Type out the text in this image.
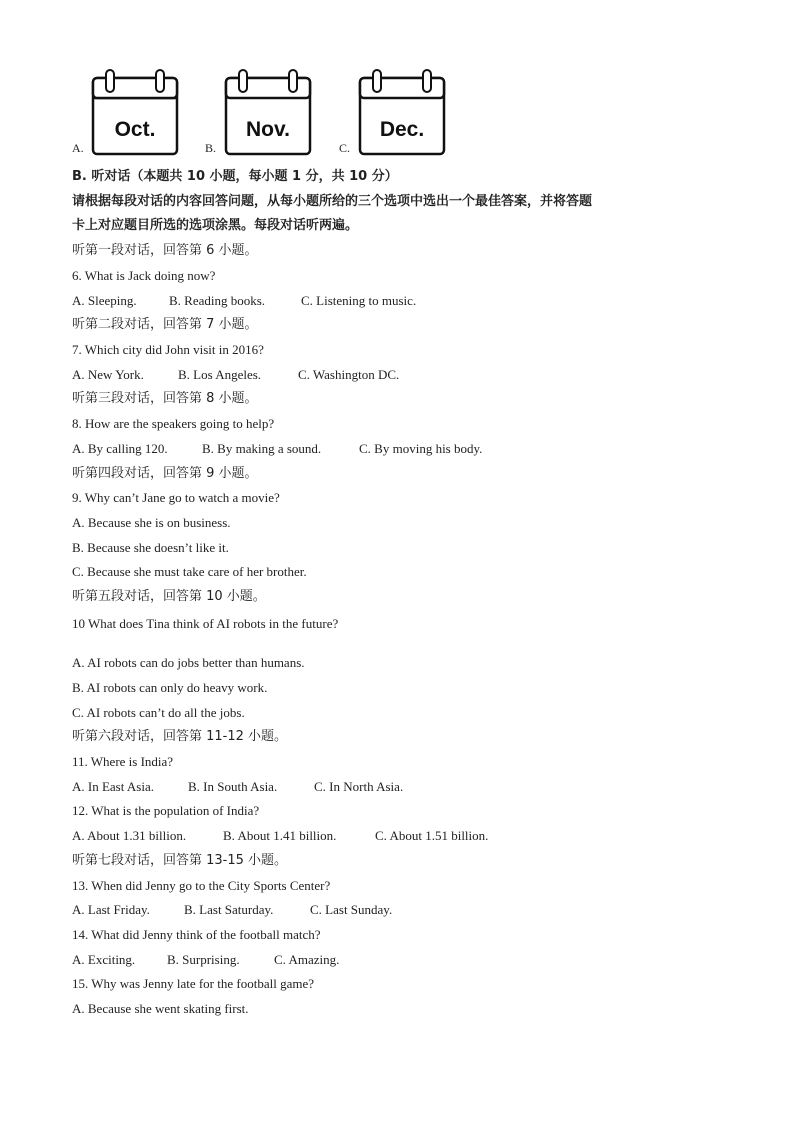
A.
Oct.
B.
Nov.
C.
Dec.
B. 听对话（本题共 10 小题，每小题 1 分，共 10 分）
请根据每段对话的内容回答问题，从每小题所给的三个选项中选出一个最佳答案，并将答题
卡上对应题目所选的选项涂黑。每段对话听两遍。
听第一段对话，回答第 6 小题。
6. What is Jack doing now?
A. Sleeping. B. Reading books.	C. Listening to music.
听第二段对话，回答第 7 小题。
7. Which city did John visit in 2016?
A. New York.	B. Los Angeles.	C. Washington DC.
听第三段对话，回答第 8 小题。
8. How are the speakers going to help?
A. By calling 120.	B. By making a sound.	C. By moving his body.
听第四段对话，回答第 9 小题。
9. Why can’t Jane go to watch a movie?
A. Because she is on business.
B. Because she doesn’t like it.
C. Because she must take care of her brother.
听第五段对话，回答第 10 小题。
10 What does Tina think of AI robots in the future?
A. AI robots can do jobs better than humans.
B. AI robots can only do heavy work.
C. AI robots can’t do all the jobs.
听第六段对话，回答第 11-12 小题。
11. Where is India?
A. In East Asia.	B. In South Asia.	C. In North Asia.
12. What is the population of India?
A. About 1.31 billion.	B. About 1.41 billion.	C. About 1.51 billion.
听第七段对话，回答第 13-15 小题。
13. When did Jenny go to the City Sports Center?
A. Last Friday.	B. Last Saturday.	C. Last Sunday.
14. What did Jenny think of the football match?
A. Exciting. B. Surprising.	C. Amazing.
15. Why was Jenny late for the football game?
A. Because she went skating first.
